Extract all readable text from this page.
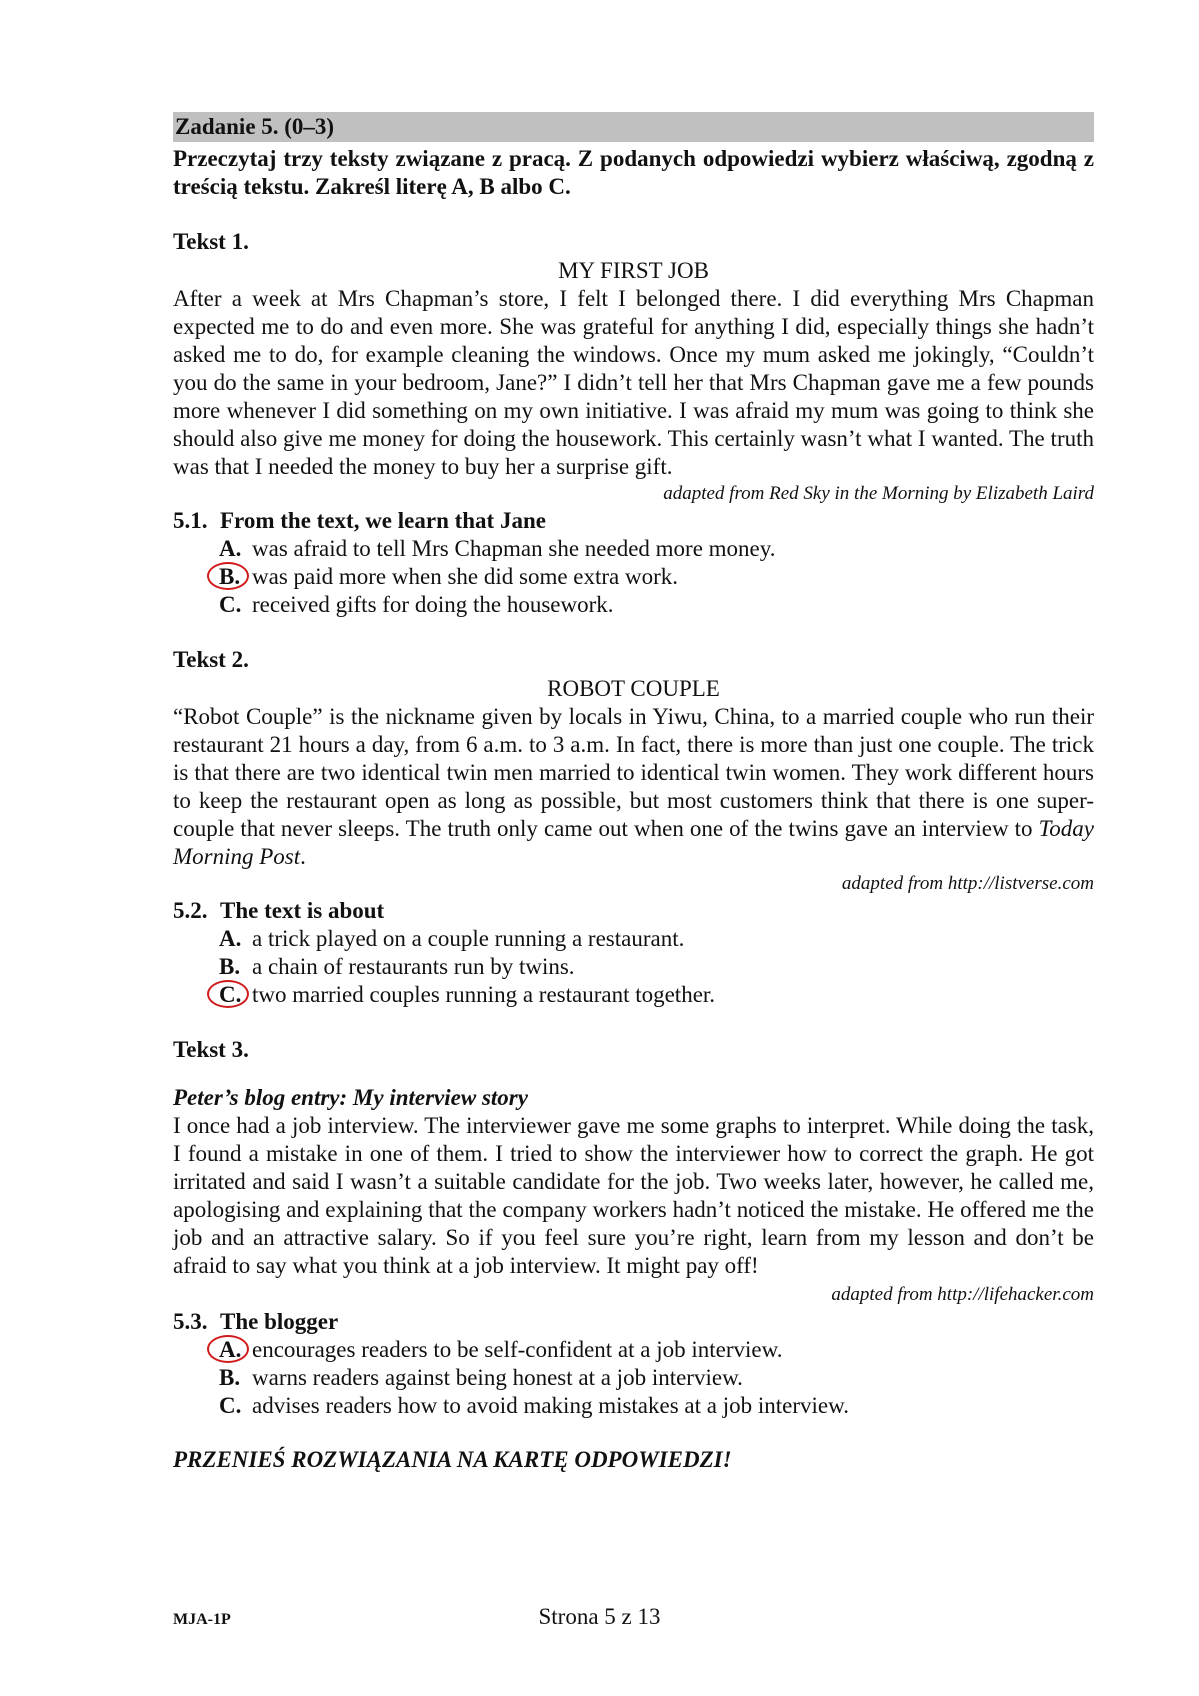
Zadanie 5. (0–3)
Przeczytaj trzy teksty związane z pracą. Z podanych odpowiedzi wybierz właściwą, zgodną z treścią tekstu. Zakreśl literę A, B albo C.
Tekst 1.
MY FIRST JOB
After a week at Mrs Chapman’s store, I felt I belonged there. I did everything Mrs Chapman expected me to do and even more. She was grateful for anything I did, especially things she hadn’t asked me to do, for example cleaning the windows. Once my mum asked me jokingly, “Couldn’t you do the same in your bedroom, Jane?” I didn’t tell her that Mrs Chapman gave me a few pounds more whenever I did something on my own initiative. I was afraid my mum was going to think she should also give me money for doing the housework. This certainly wasn’t what I wanted. The truth was that I needed the money to buy her a surprise gift.
adapted from Red Sky in the Morning by Elizabeth Laird
5.1. From the text, we learn that Jane
A. was afraid to tell Mrs Chapman she needed more money.
B. was paid more when she did some extra work.
C. received gifts for doing the housework.
Tekst 2.
ROBOT COUPLE
“Robot Couple” is the nickname given by locals in Yiwu, China, to a married couple who run their restaurant 21 hours a day, from 6 a.m. to 3 a.m. In fact, there is more than just one couple. The trick is that there are two identical twin men married to identical twin women. They work different hours to keep the restaurant open as long as possible, but most customers think that there is one super-couple that never sleeps. The truth only came out when one of the twins gave an interview to Today Morning Post.
adapted from http://listverse.com
5.2. The text is about
A. a trick played on a couple running a restaurant.
B. a chain of restaurants run by twins.
C. two married couples running a restaurant together.
Tekst 3.
Peter’s blog entry: My interview story
I once had a job interview. The interviewer gave me some graphs to interpret. While doing the task, I found a mistake in one of them. I tried to show the interviewer how to correct the graph. He got irritated and said I wasn’t a suitable candidate for the job. Two weeks later, however, he called me, apologising and explaining that the company workers hadn’t noticed the mistake. He offered me the job and an attractive salary. So if you feel sure you’re right, learn from my lesson and don’t be afraid to say what you think at a job interview. It might pay off!
adapted from http://lifehacker.com
5.3. The blogger
A. encourages readers to be self-confident at a job interview.
B. warns readers against being honest at a job interview.
C. advises readers how to avoid making mistakes at a job interview.
PRZENIEŚ ROZWIĄZANIA NA KARTĘ ODPOWIEDZI!
MJA-1P	Strona 5 z 13
